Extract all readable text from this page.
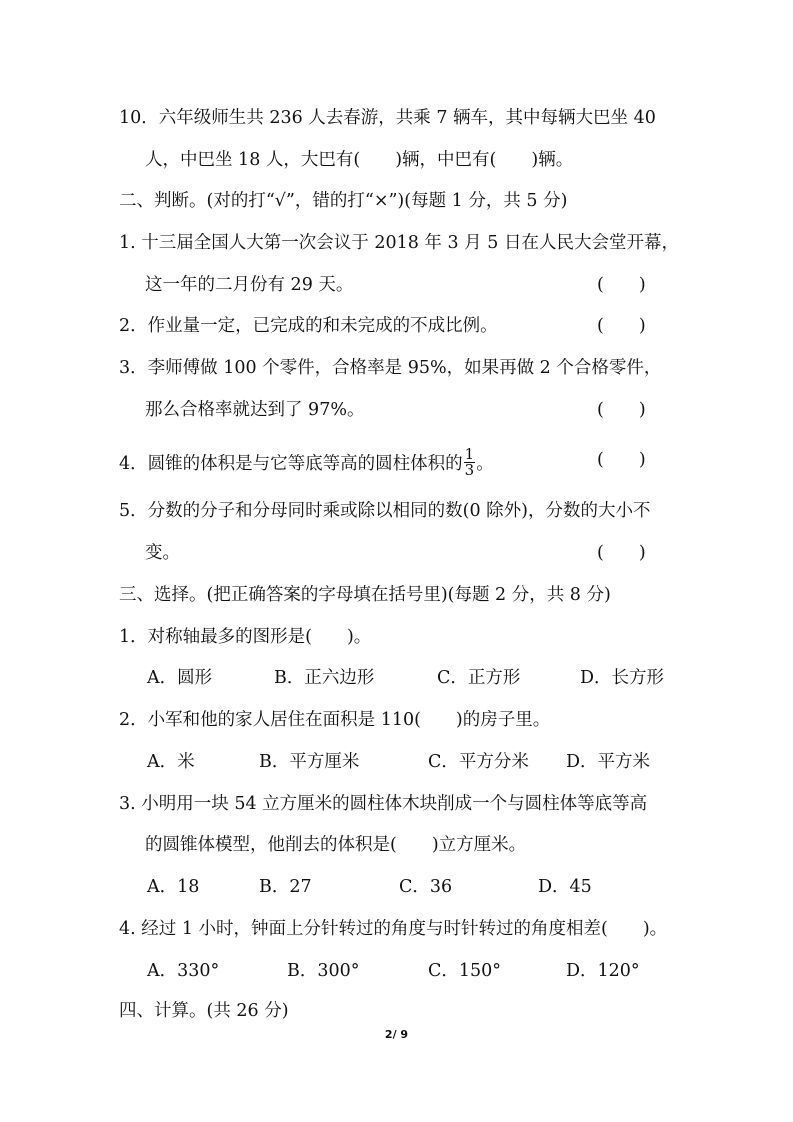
10．六年级师生共 236 人去春游，共乘 7 辆车，其中每辆大巴坐 40
人，中巴坐 18 人，大巴有(　　)辆，中巴有(　　)辆。
二、判断。(对的打“√”，错的打“×”)(每题 1 分，共 5 分)
1. 十三届全国人大第一次会议于 2018 年 3 月 5 日在人民大会堂开幕，
这一年的二月份有 29 天。	(　　)
2．作业量一定，已完成的和未完成的不成比例。	(　　)
3．李师傅做 100 个零件，合格率是 95%，如果再做 2 个合格零件，
那么合格率就达到了 97%。	(　　)
4．圆锥的体积是与它等底等高的圆柱体积的 $\frac{1}{3}$ 。	(　　)
5．分数的分子和分母同时乘或除以相同的数(0 除外)，分数的大小不
变。	(　　)
三、选择。(把正确答案的字母填在括号里)(每题 2 分，共 8 分)
1．对称轴最多的图形是(　　)。
A．圆形	B．正六边形	C．正方形	D．长方形
2．小军和他的家人居住在面积是 110(　　)的房子里。
A．米	B．平方厘米	C．平方分米 D．平方米
3. 小明用一块 54 立方厘米的圆柱体木块削成一个与圆柱体等底等高
的圆锥体模型，他削去的体积是(　　)立方厘米。
A．18	B．27	C．36	D．45
4. 经过 1 小时，钟面上分针转过的角度与时针转过的角度相差(　　)。
A．330°	B．300°	C．150°	D．120°
四、计算。(共 26 分)
2/ 9
